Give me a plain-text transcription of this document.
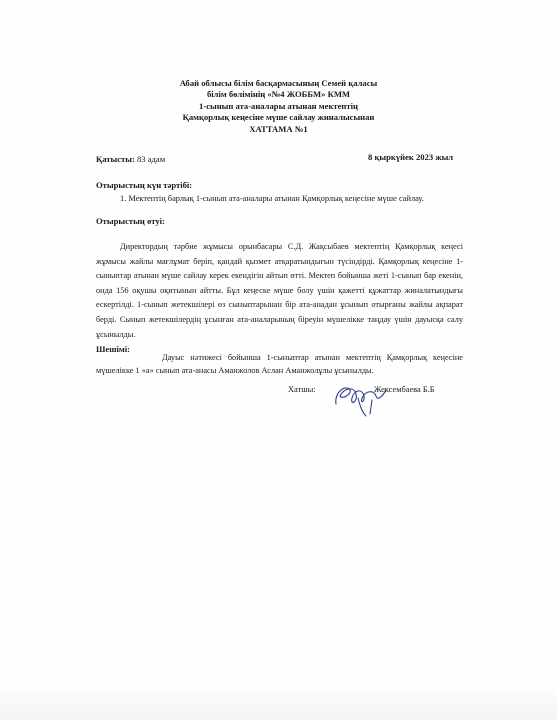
Абай облысы білім басқармасының Семей қаласы
білім бөлімінің «№4 ЖОББМ» КММ
1-сынып ата-аналары атынан мектептің
Қамқорлық кеңесіне мүше сайлау жиналысынан
ХАТТАМА №1
Қатысты: 83 адам	8 қыркүйек 2023 жыл
Отырыстың күн тәртібі:
1. Мектептің барлық 1-сынып ата-аналары атынан Қамқорлық кеңесіне мүше сайлау.
Отырыстың өтуі:
Директордың тәрбие жұмысы орынбасары С.Д. Жақсыбаев мектептің Қамқорлық кеңесі жұмысы жайлы мағлұмат беріп, қандай қызмет атқаратындығын түсіндірді. Қамқорлық кеңесіне 1-сыныптар атынан мүше сайлау керек екендігін айтып өтті. Мектеп бойынша жеті 1-сынып бар екенін, онда 156 оқушы оқитынын айтты. Бұл кеңеске мүше болу үшін қажетті құжаттар жиналатындығы ескертілді. 1-сынып жетекшілері өз сыныптарынан бір ата-анадан ұсынып отырғаны жайлы ақпарат берді. Сынып жетекшілердің ұсынған ата-аналарының біреуін мүшелікке таңдау үшін дауысқа салу ұсынылды.
Шешімі:
Дауыс нәтижесі бойынша 1-сыныптар атынан мектептің Қамқорлық кеңесіне мүшелікке 1 «а» сынып ата-анасы Аманжолов Аслан Аманжолұлы ұсынылды.
Хатшы:	Жексембаева Б.Б
